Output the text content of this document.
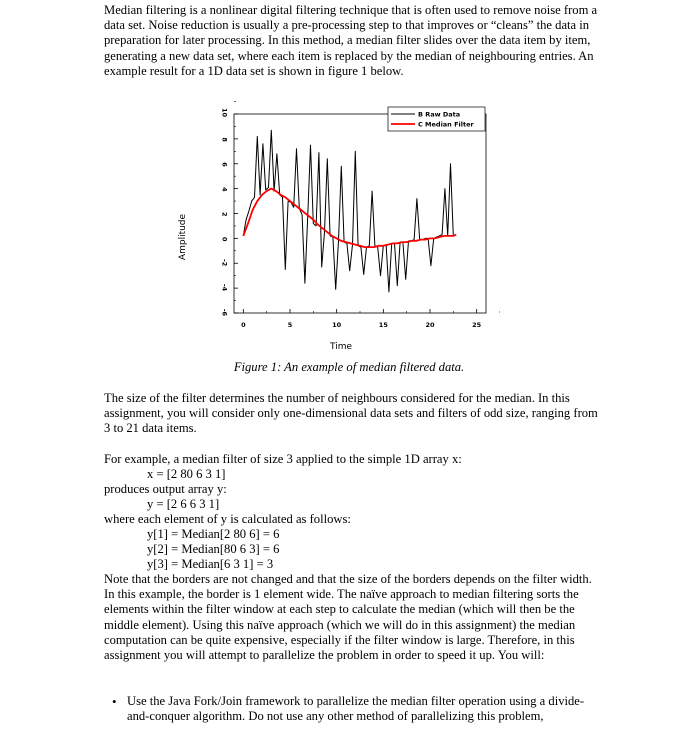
Median filtering is a nonlinear digital filtering technique that is often used to remove noise from a data set. Noise reduction is usually a pre-processing step to that improves or “cleans” the data in preparation for later processing. In this method, a median filter slides over the data item by item, generating a new data set, where each item is replaced by the median of neighbouring entries. An example result for a 1D data set is shown in figure 1 below.

10
8
6
4
2
0
-2
-4
-6
0	5	10	15	20	25
B Raw Data
C Median Filter
Amplitude
Time
Figure 1: An example of median filtered data.

The size of the filter determines the number of neighbours considered for the median. In this assignment, you will consider only one-dimensional data sets and filters of odd size, ranging from 3 to 21 data items.

For example, a median filter of size 3 applied to the simple 1D array x:

x = [2 80 6 3 1]

produces output array y:

y = [2 6 6 3 1]

where each element of y is calculated as follows:

y[1] = Median[2 80 6] = 6

y[2] = Median[80 6 3] = 6

y[3] = Median[6 3 1] = 3

Note that the borders are not changed and that the size of the borders depends on the filter width. In this example, the border is 1 element wide. The naïve approach to median filtering sorts the elements within the filter window at each step to calculate the median (which will then be the middle element). Using this naïve approach (which we will do in this assignment) the median computation can be quite expensive, especially if the filter window is large. Therefore, in this assignment you will attempt to parallelize the problem in order to speed it up. You will:

• Use the Java Fork/Join framework to parallelize the median filter operation using a divide-and-conquer algorithm. Do not use any other method of parallelizing this problem,
